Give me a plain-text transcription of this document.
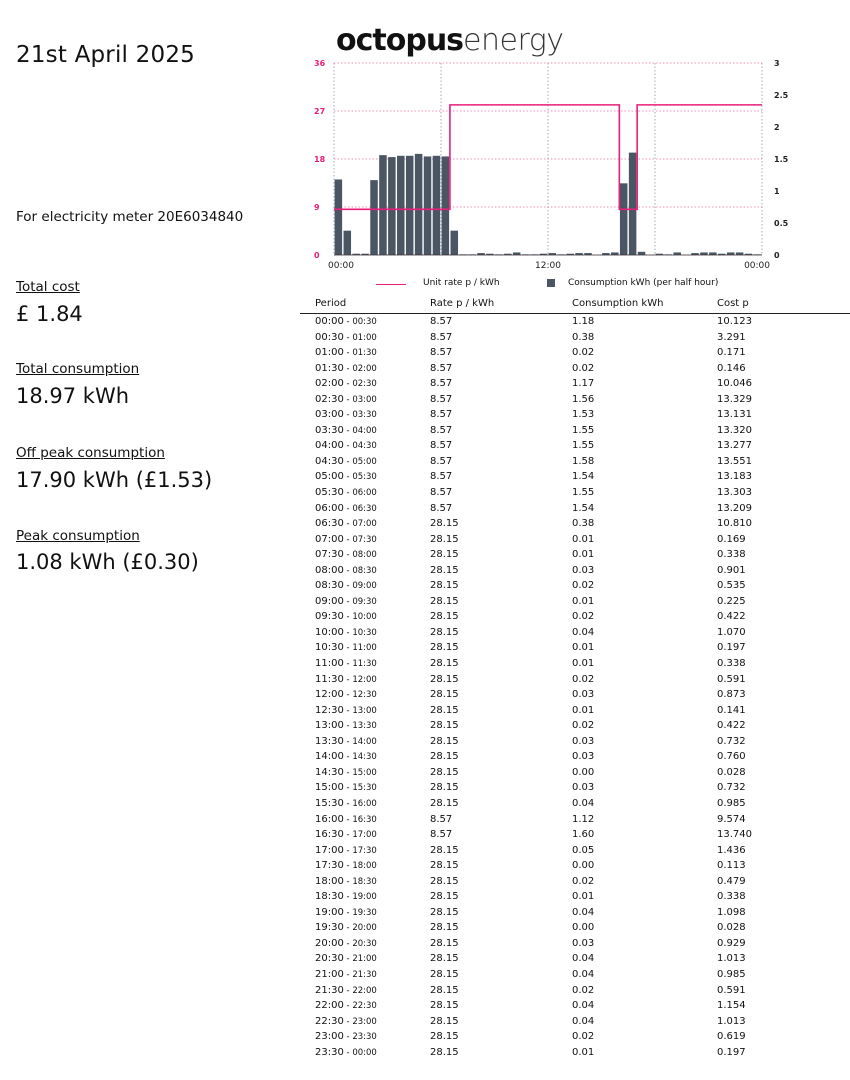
21st April 2025
For electricity meter 20E6034840
Total cost
£ 1.84
Total consumption
18.97 kWh
Off peak consumption
17.90 kWh (£1.53)
Peak consumption
1.08 kWh (£0.30)
octopusenergy
0
9
18
27
36
0
0.5
1
1.5
2
2.5
3
00:00	12:00	00:00
Unit rate p / kWh	Consumption kWh (per half hour)
Period	Rate p / kWh	Consumption kWh	Cost p
00:00 - 00:30	8.57	1.18	10.123
00:30 - 01:00	8.57	0.38	3.291
01:00 - 01:30	8.57	0.02	0.171
01:30 - 02:00	8.57	0.02	0.146
02:00 - 02:30	8.57	1.17	10.046
02:30 - 03:00	8.57	1.56	13.329
03:00 - 03:30	8.57	1.53	13.131
03:30 - 04:00	8.57	1.55	13.320
04:00 - 04:30	8.57	1.55	13.277
04:30 - 05:00	8.57	1.58	13.551
05:00 - 05:30	8.57	1.54	13.183
05:30 - 06:00	8.57	1.55	13.303
06:00 - 06:30	8.57	1.54	13.209
06:30 - 07:00	28.15	0.38	10.810
07:00 - 07:30	28.15	0.01	0.169
07:30 - 08:00	28.15	0.01	0.338
08:00 - 08:30	28.15	0.03	0.901
08:30 - 09:00	28.15	0.02	0.535
09:00 - 09:30	28.15	0.01	0.225
09:30 - 10:00	28.15	0.02	0.422
10:00 - 10:30	28.15	0.04	1.070
10:30 - 11:00	28.15	0.01	0.197
11:00 - 11:30	28.15	0.01	0.338
11:30 - 12:00	28.15	0.02	0.591
12:00 - 12:30	28.15	0.03	0.873
12:30 - 13:00	28.15	0.01	0.141
13:00 - 13:30	28.15	0.02	0.422
13:30 - 14:00	28.15	0.03	0.732
14:00 - 14:30	28.15	0.03	0.760
14:30 - 15:00	28.15	0.00	0.028
15:00 - 15:30	28.15	0.03	0.732
15:30 - 16:00	28.15	0.04	0.985
16:00 - 16:30	8.57	1.12	9.574
16:30 - 17:00	8.57	1.60	13.740
17:00 - 17:30	28.15	0.05	1.436
17:30 - 18:00	28.15	0.00	0.113
18:00 - 18:30	28.15	0.02	0.479
18:30 - 19:00	28.15	0.01	0.338
19:00 - 19:30	28.15	0.04	1.098
19:30 - 20:00	28.15	0.00	0.028
20:00 - 20:30	28.15	0.03	0.929
20:30 - 21:00	28.15	0.04	1.013
21:00 - 21:30	28.15	0.04	0.985
21:30 - 22:00	28.15	0.02	0.591
22:00 - 22:30	28.15	0.04	1.154
22:30 - 23:00	28.15	0.04	1.013
23:00 - 23:30	28.15	0.02	0.619
23:30 - 00:00	28.15	0.01	0.197
